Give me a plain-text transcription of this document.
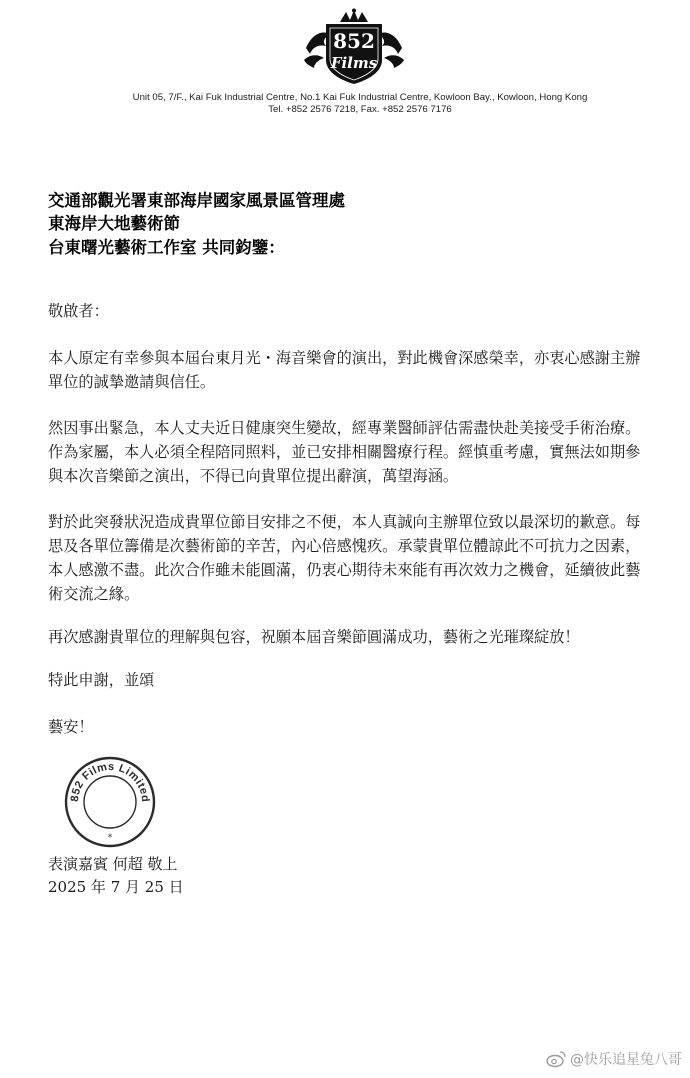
852
Films
Unit 05, 7/F., Kai Fuk Industrial Centre, No.1 Kai Fuk Industrial Centre, Kowloon Bay., Kowloon, Hong Kong
Tel. +852 2576 7218, Fax. +852 2576 7176
交通部觀光署東部海岸國家風景區管理處
東海岸大地藝術節
台東曙光藝術工作室 共同鈞鑒：
敬啟者：
本人原定有幸參與本屆台東月光・海音樂會的演出，對此機會深感榮幸，亦衷心感謝主辦
單位的誠摯邀請與信任。
然因事出緊急，本人丈夫近日健康突生變故，經專業醫師評估需盡快赴美接受手術治療。
作為家屬，本人必須全程陪同照料，並已安排相關醫療行程。經慎重考慮，實無法如期參
與本次音樂節之演出，不得已向貴單位提出辭演，萬望海涵。
對於此突發狀況造成貴單位節目安排之不便，本人真誠向主辦單位致以最深切的歉意。每
思及各單位籌備是次藝術節的辛苦，內心倍感愧疚。承蒙貴單位體諒此不可抗力之因素，
本人感激不盡。此次合作雖未能圓滿，仍衷心期待未來能有再次效力之機會，延續彼此藝
術交流之緣。
再次感謝貴單位的理解與包容，祝願本屆音樂節圓滿成功，藝術之光璀璨綻放！
特此申謝，並頌
藝安！
852 Films Limited
*
表演嘉賓 何超 敬上
2025 年 7 月 25 日
@快乐追星兔八哥
